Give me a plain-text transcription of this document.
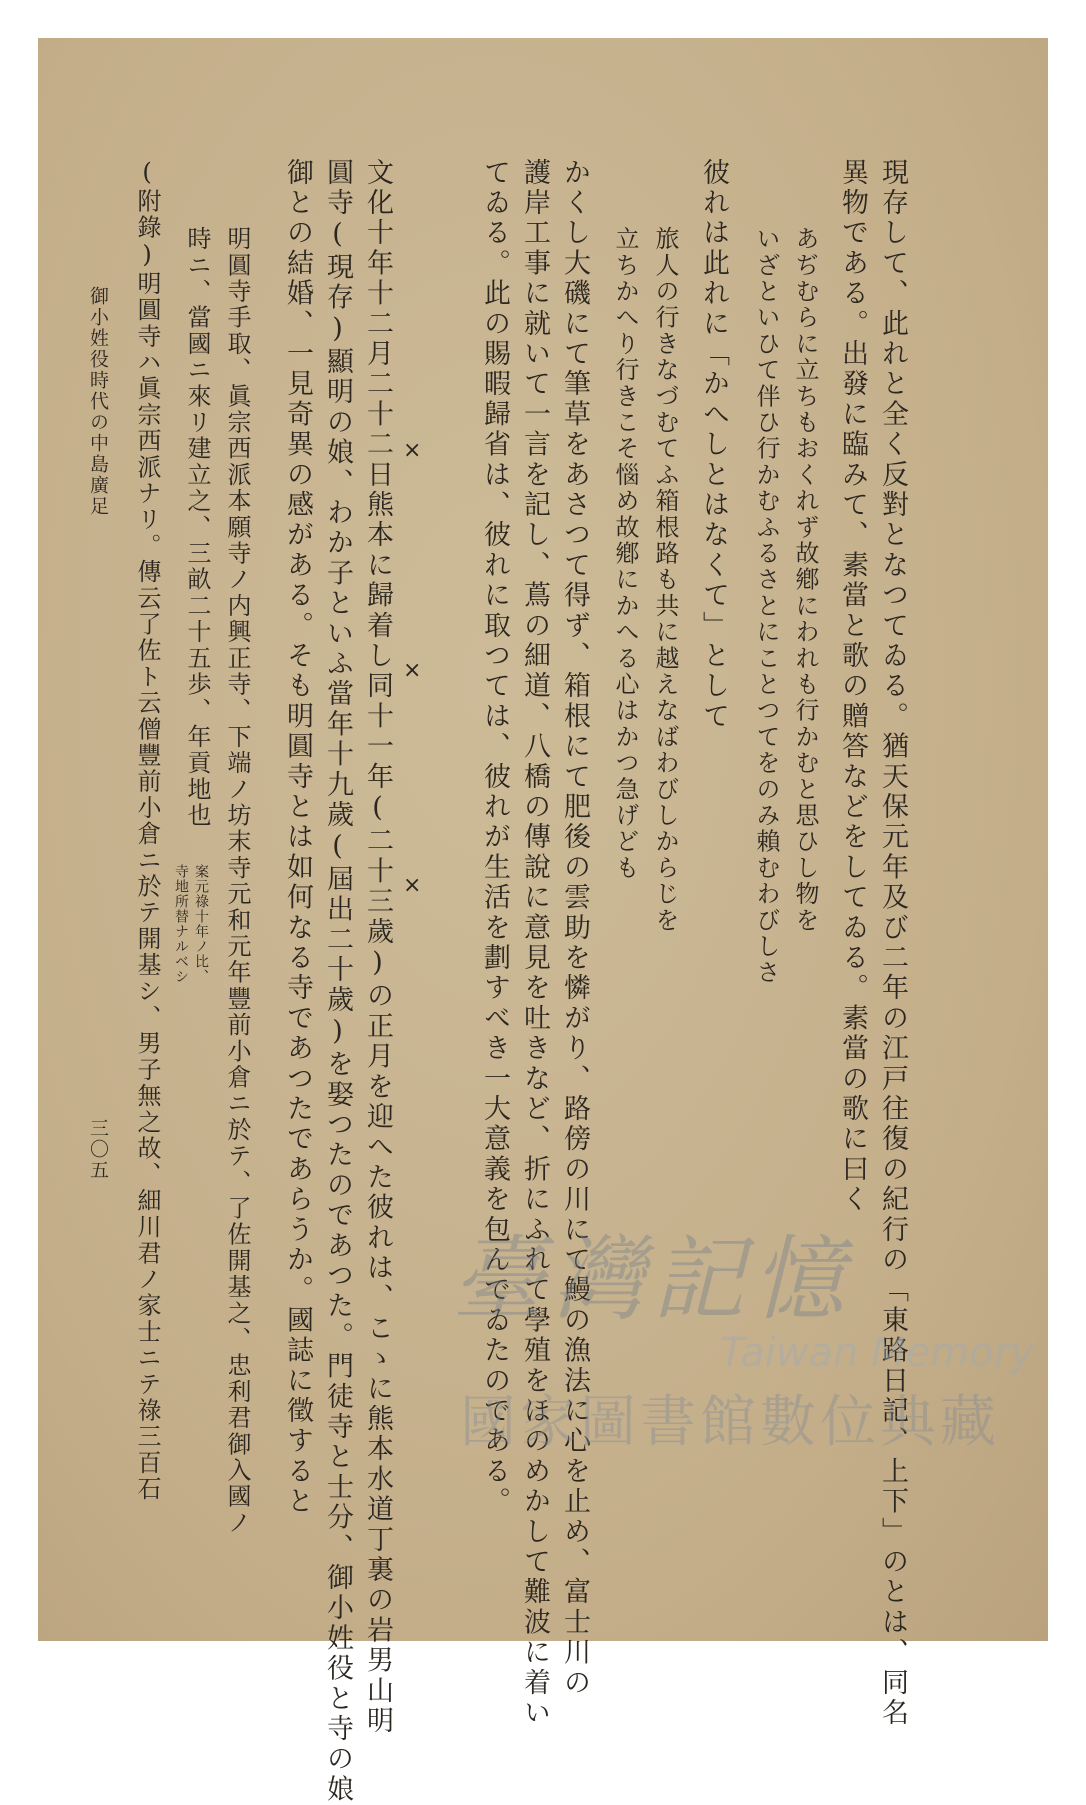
現存して、此れと全く反對となつてゐる。猶天保元年及び二年の江戸往復の紀行の「東路日記、上下」のとは、同名
異物である。出發に臨みて、素當と歌の贈答などをしてゐる。素當の歌に曰く
あぢむらに立ちもおくれず故鄕にわれも行かむと思ひし物を
いざといひて伴ひ行かむふるさとにことつてをのみ賴むわびしさ
彼れは此れに「かへしとはなくて」として
旅人の行きなづむてふ箱根路も共に越えなばわびしからじを
立ちかへり行きこそ惱め故鄕にかへる心はかつ急げども
かくし大磯にて筆草をあさつて得ず、箱根にて肥後の雲助を憐がり、路傍の川にて鰻の漁法に心を止め、富士川の
護岸工事に就いて一言を記し、蔦の細道、八橋の傳說に意見を吐きなど、折にふれて學殖をほのめかして難波に着い
てゐる。此の賜暇歸省は、彼れに取つては、彼れが生活を劃すべき一大意義を包んでゐたのである。
×
×
×
文化十年十二月二十二日熊本に歸着し同十一年(二十三歲)の正月を迎へた彼れは、こゝに熊本水道丁裏の岩男山明
圓寺(現存)顯明の娘、わか子といふ當年十九歲(屆出二十歲)を娶つたのであつた。門徒寺と士分、御小姓役と寺の娘
御との結婚、一見奇異の感がある。そも明圓寺とは如何なる寺であつたであらうか。國誌に徵すると
明圓寺手取、眞宗西派本願寺ノ内興正寺、下端ノ坊末寺元和元年豐前小倉ニ於テ、了佐開基之、忠利君御入國ノ
時ニ、當國ニ來リ建立之、三畝二十五歩、年貢地也
案元祿十年ノ比、
寺地所替ナルベシ
(附錄)明圓寺ハ眞宗西派ナリ。傳云了佐ト云僧豐前小倉ニ於テ開基シ、男子無之故、細川君ノ家士ニテ祿三百石
御小姓役時代の中島廣足
三〇五
臺灣記憶
Taiwan Memory
國家圖書館數位典藏
